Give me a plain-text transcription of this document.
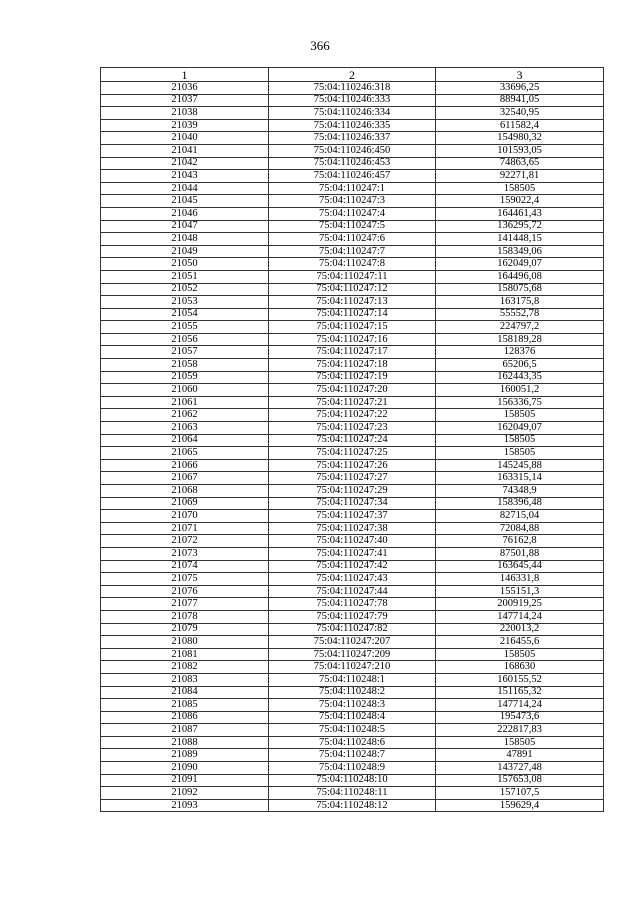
366
1	2	3
21036	75:04:110246:318	33696,25
21037	75:04:110246:333	88941,05
21038	75:04:110246:334	32540,95
21039	75:04:110246:335	611582,4
21040	75:04:110246:337	154980,32
21041	75:04:110246:450	101593,05
21042	75:04:110246:453	74863,65
21043	75:04:110246:457	92271,81
21044	75:04:110247:1	158505
21045	75:04:110247:3	159022,4
21046	75:04:110247:4	164461,43
21047	75:04:110247:5	136295,72
21048	75:04:110247:6	141448,15
21049	75:04:110247:7	158349,06
21050	75:04:110247:8	162049,07
21051	75:04:110247:11	164496,08
21052	75:04:110247:12	158075,68
21053	75:04:110247:13	163175,8
21054	75:04:110247:14	55552,78
21055	75:04:110247:15	224797,2
21056	75:04:110247:16	158189,28
21057	75:04:110247:17	128376
21058	75:04:110247:18	65206,5
21059	75:04:110247:19	162443,35
21060	75:04:110247:20	160051,2
21061	75:04:110247:21	156336,75
21062	75:04:110247:22	158505
21063	75:04:110247:23	162049,07
21064	75:04:110247:24	158505
21065	75:04:110247:25	158505
21066	75:04:110247:26	145245,88
21067	75:04:110247:27	163315,14
21068	75:04:110247:29	74348,9
21069	75:04:110247:34	158396,48
21070	75:04:110247:37	82715,04
21071	75:04:110247:38	72084,88
21072	75:04:110247:40	76162,8
21073	75:04:110247:41	87501,88
21074	75:04:110247:42	163645,44
21075	75:04:110247:43	146331,8
21076	75:04:110247:44	155151,3
21077	75:04:110247:78	200919,25
21078	75:04:110247:79	147714,24
21079	75:04:110247:82	220013,2
21080	75:04:110247:207	216455,6
21081	75:04:110247:209	158505
21082	75:04:110247:210	168630
21083	75:04:110248:1	160155,52
21084	75:04:110248:2	151165,32
21085	75:04:110248:3	147714,24
21086	75:04:110248:4	195473,6
21087	75:04:110248:5	222817,83
21088	75:04:110248:6	158505
21089	75:04:110248:7	47891
21090	75:04:110248:9	143727,48
21091	75:04:110248:10	157653,08
21092	75:04:110248:11	157107,5
21093	75:04:110248:12	159629,4
